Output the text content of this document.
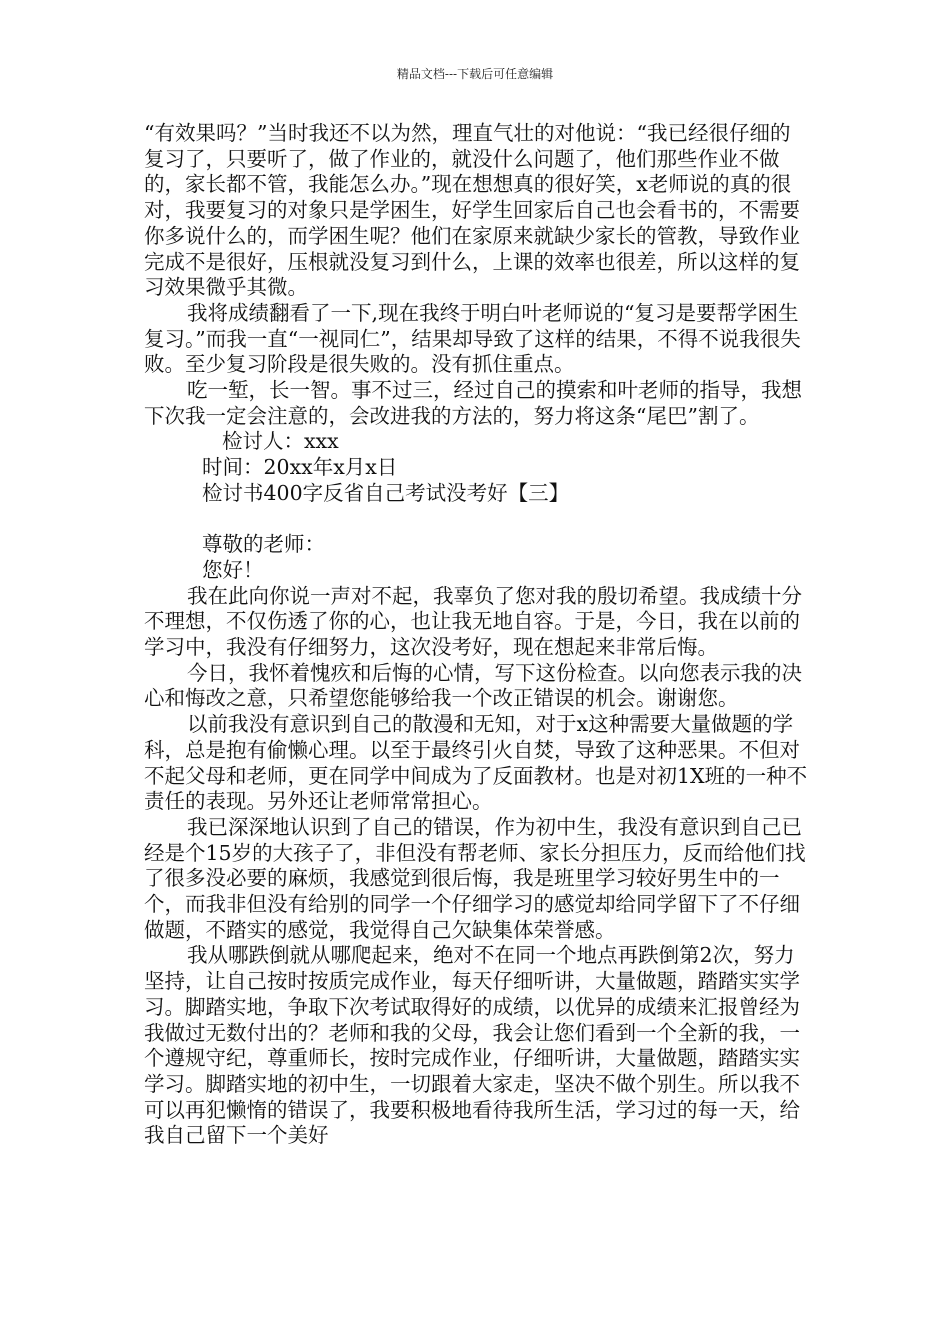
精品文档---下载后可任意编辑

“有效果吗？”当时我还不以为然，理直气壮的对他说：“我已经很仔细的复习了，只要听了，做了作业的，就没什么问题了，他们那些作业不做的，家长都不管，我能怎么办。”现在想想真的很好笑，x老师说的真的很对，我要复习的对象只是学困生，好学生回家后自己也会看书的，不需要你多说什么的，而学困生呢？他们在家原来就缺少家长的管教，导致作业完成不是很好，压根就没复习到什么，上课的效率也很差，所以这样的复习效果微乎其微。

我将成绩翻看了一下,现在我终于明白叶老师说的“复习是要帮学困生复习。”而我一直“一视同仁”，结果却导致了这样的结果，不得不说我很失败。至少复习阶段是很失败的。没有抓住重点。

吃一堑，长一智。事不过三，经过自己的摸索和叶老师的指导，我想下次我一定会注意的，会改进我的方法的，努力将这条“尾巴”割了。

检讨人：xxx

时间：20xx年x月x日

检讨书400字反省自己考试没考好【三】

尊敬的老师：

您好！

我在此向你说一声对不起，我辜负了您对我的殷切希望。我成绩十分不理想，不仅伤透了你的心，也让我无地自容。于是，今日，我在以前的学习中，我没有仔细努力，这次没考好，现在想起来非常后悔。

今日，我怀着愧疚和后悔的心情，写下这份检查。以向您表示我的决心和悔改之意，只希望您能够给我一个改正错误的机会。谢谢您。

以前我没有意识到自己的散漫和无知，对于x这种需要大量做题的学科，总是抱有偷懒心理。以至于最终引火自焚，导致了这种恶果。不但对不起父母和老师，更在同学中间成为了反面教材。也是对初1X班的一种不责任的表现。另外还让老师常常担心。

我已深深地认识到了自己的错误，作为初中生，我没有意识到自己已经是个15岁的大孩子了，非但没有帮老师、家长分担压力，反而给他们找了很多没必要的麻烦，我感觉到很后悔，我是班里学习较好男生中的一个，而我非但没有给别的同学一个仔细学习的感觉却给同学留下了不仔细做题，不踏实的感觉，我觉得自己欠缺集体荣誉感。

我从哪跌倒就从哪爬起来，绝对不在同一个地点再跌倒第2次，努力坚持，让自己按时按质完成作业，每天仔细听讲，大量做题，踏踏实实学习。脚踏实地，争取下次考试取得好的成绩，以优异的成绩来汇报曾经为我做过无数付出的？老师和我的父母，我会让您们看到一个全新的我，一个遵规守纪，尊重师长，按时完成作业，仔细听讲，大量做题，踏踏实实学习。脚踏实地的初中生，一切跟着大家走，坚决不做个别生。所以我不可以再犯懒惰的错误了，我要积极地看待我所生活，学习过的每一天，给我自己留下一个美好
